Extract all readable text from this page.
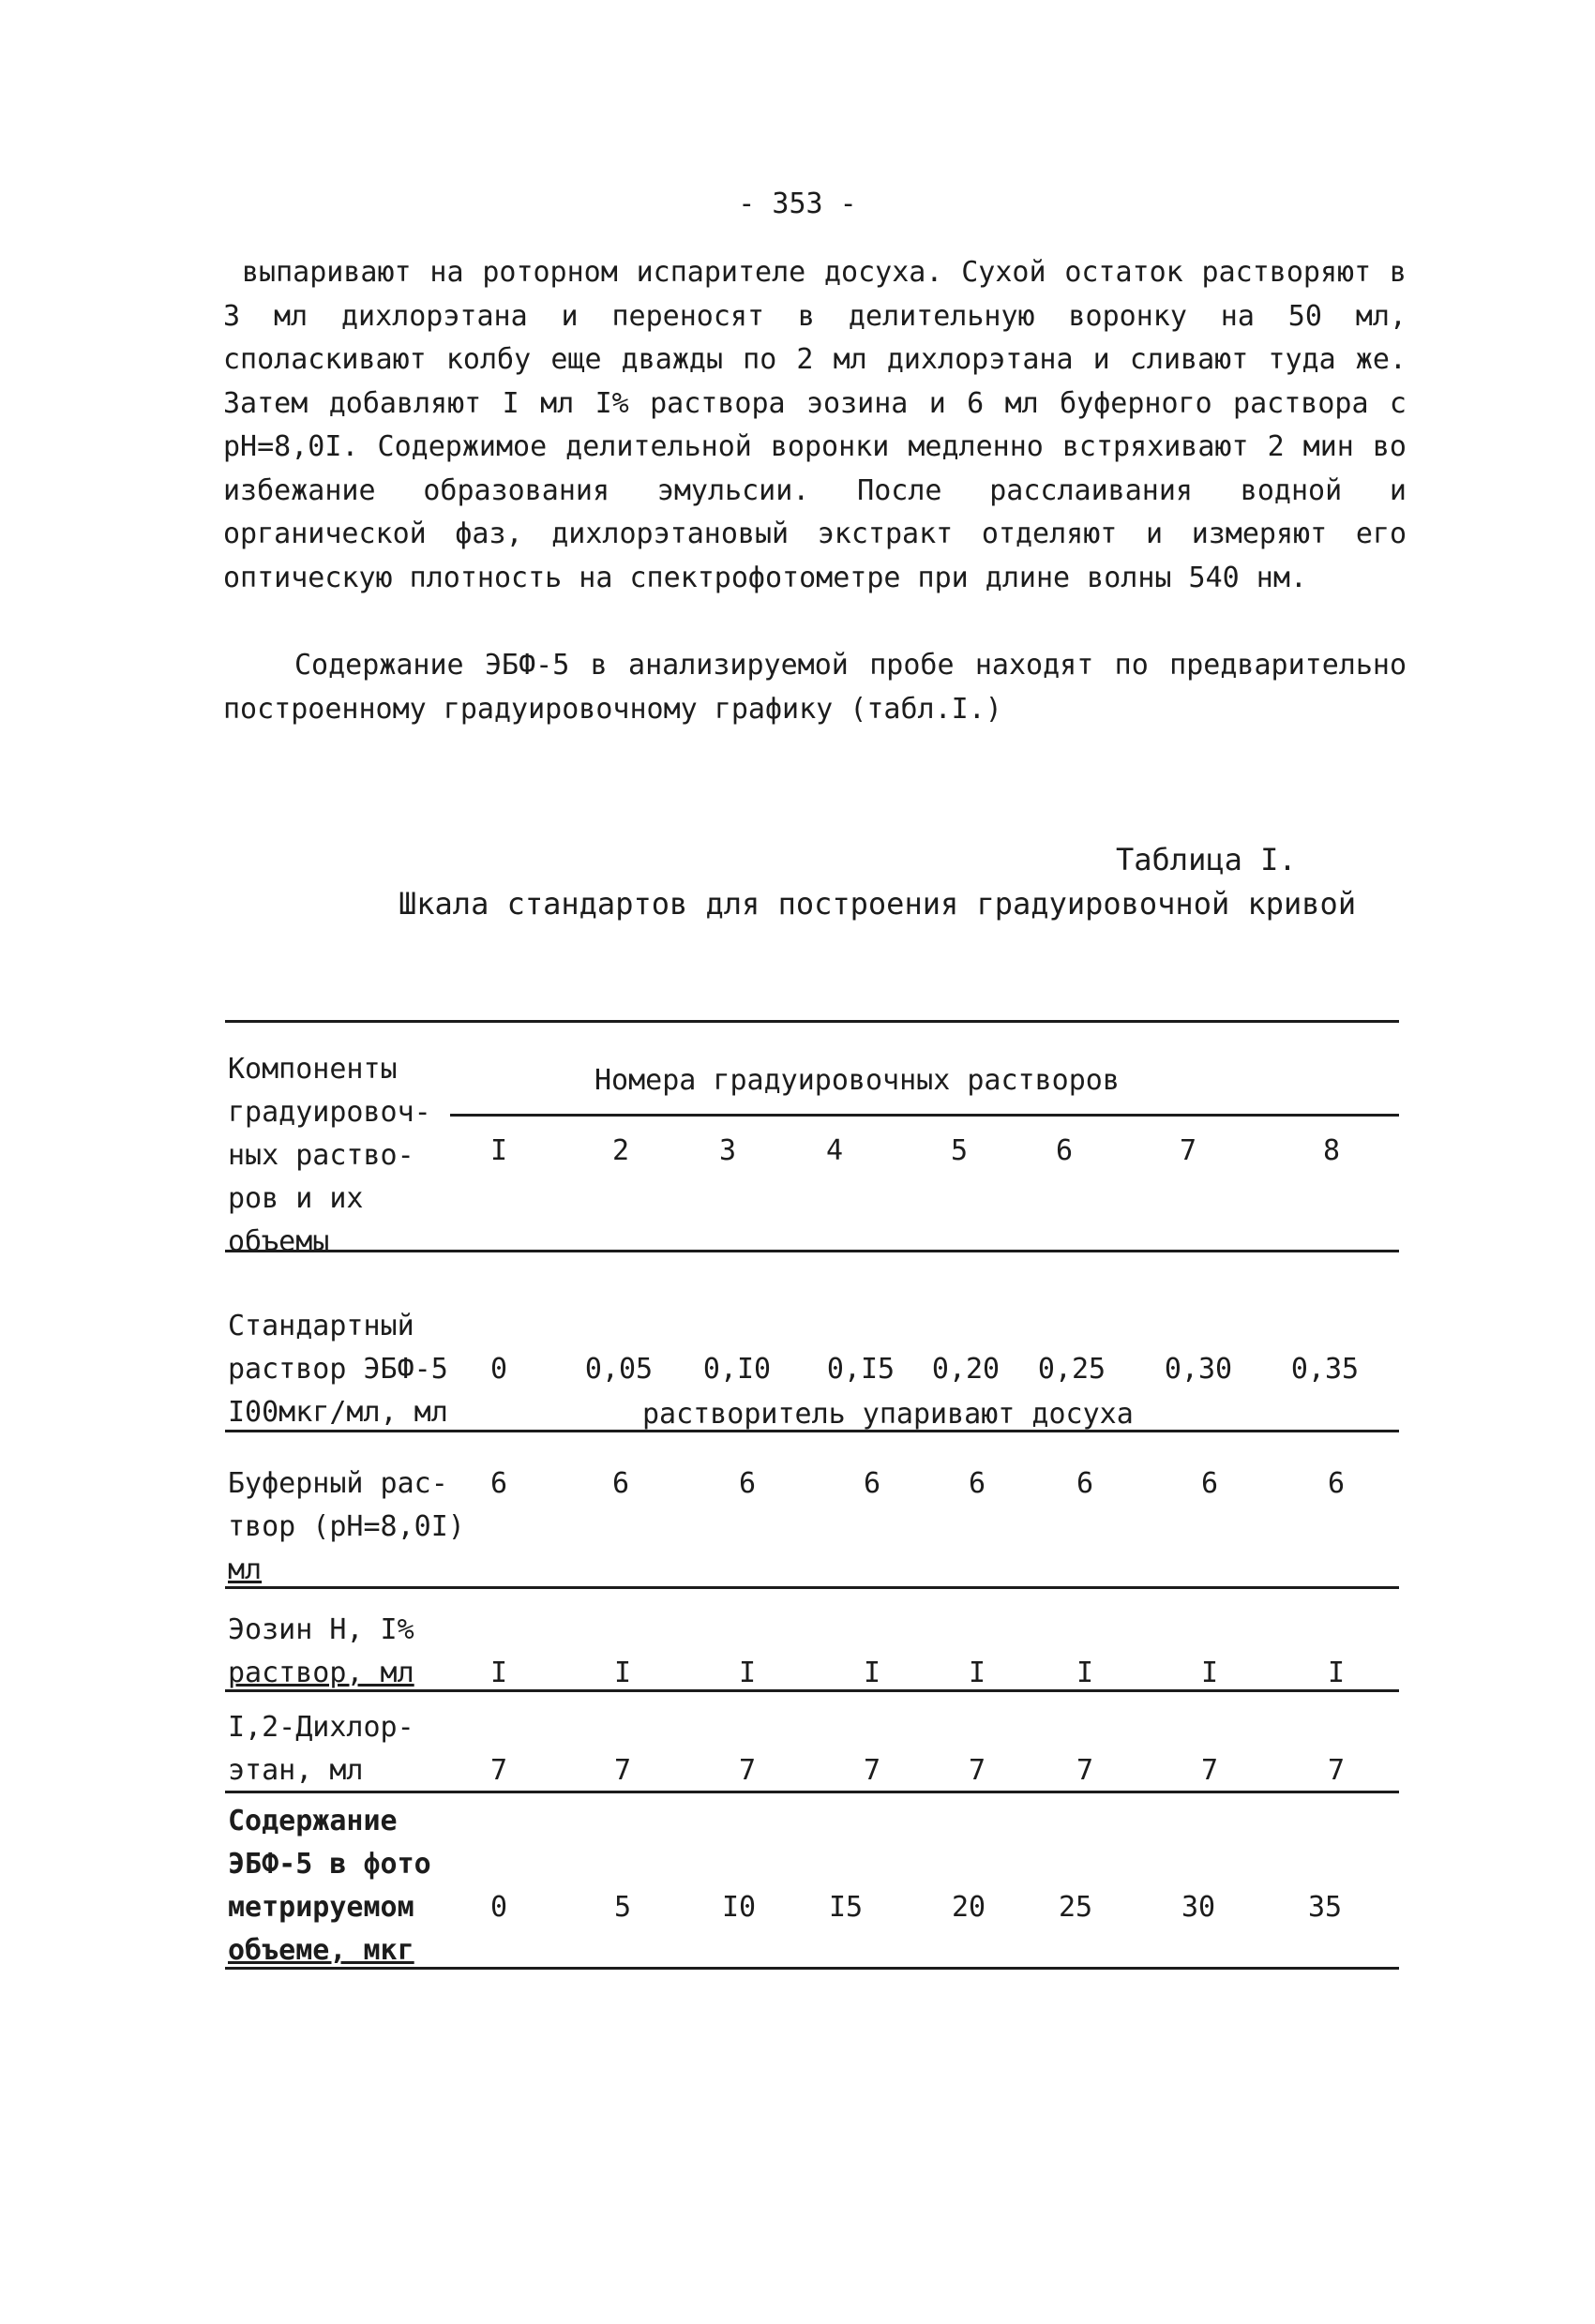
- 353 -

выпаривают на роторном испарителе досуха. Сухой остаток растворяют в 3 мл дихлорэтана и переносят в делительную воронку на 50 мл, споласкивают колбу еще дважды по 2 мл дихлорэтана и сливают туда же. Затем добавляют I мл I% раствора эозина и 6 мл буферного раствора с pH=8,0I. Содержимое делительной воронки медленно встряхивают 2 мин во избежание образования эмульсии. После расслаивания водной и органической фаз, дихлорэтановый экстракт отделяют и измеряют его оптическую плотность на спектрофотометре при длине волны 540 нм.

Содержание ЭБФ-5 в анализируемой пробе находят по предварительно построенному градуировочному графику (табл.I.)

Таблица I.
Шкала стандартов для построения градуировочной кривой
Компоненты
градуировоч-
ных раство-
ров и их
объемы
Номера градуировочных растворов
I	2	3	4	5	6	7	8
Стандартный
раствор ЭБФ-5
I00мкг/мл, мл
0	0,05 0,I0 0,I5 0,20 0,25 0,30 0,35
растворитель упаривают досуха
Буферный рас-
твор (pH=8,0I)
мл
6	6	6	6	6	6	6	6
Эозин Н, I%
раствор, мл	I	I	I	I	I	I	I	I
I,2-Дихлор-
этан, мл	7	7	7	7	7	7	7	7
Содержание
ЭБФ-5 в фото
метрируемом
объеме, мкг
0	5	I0	I5	20	25	30	35
